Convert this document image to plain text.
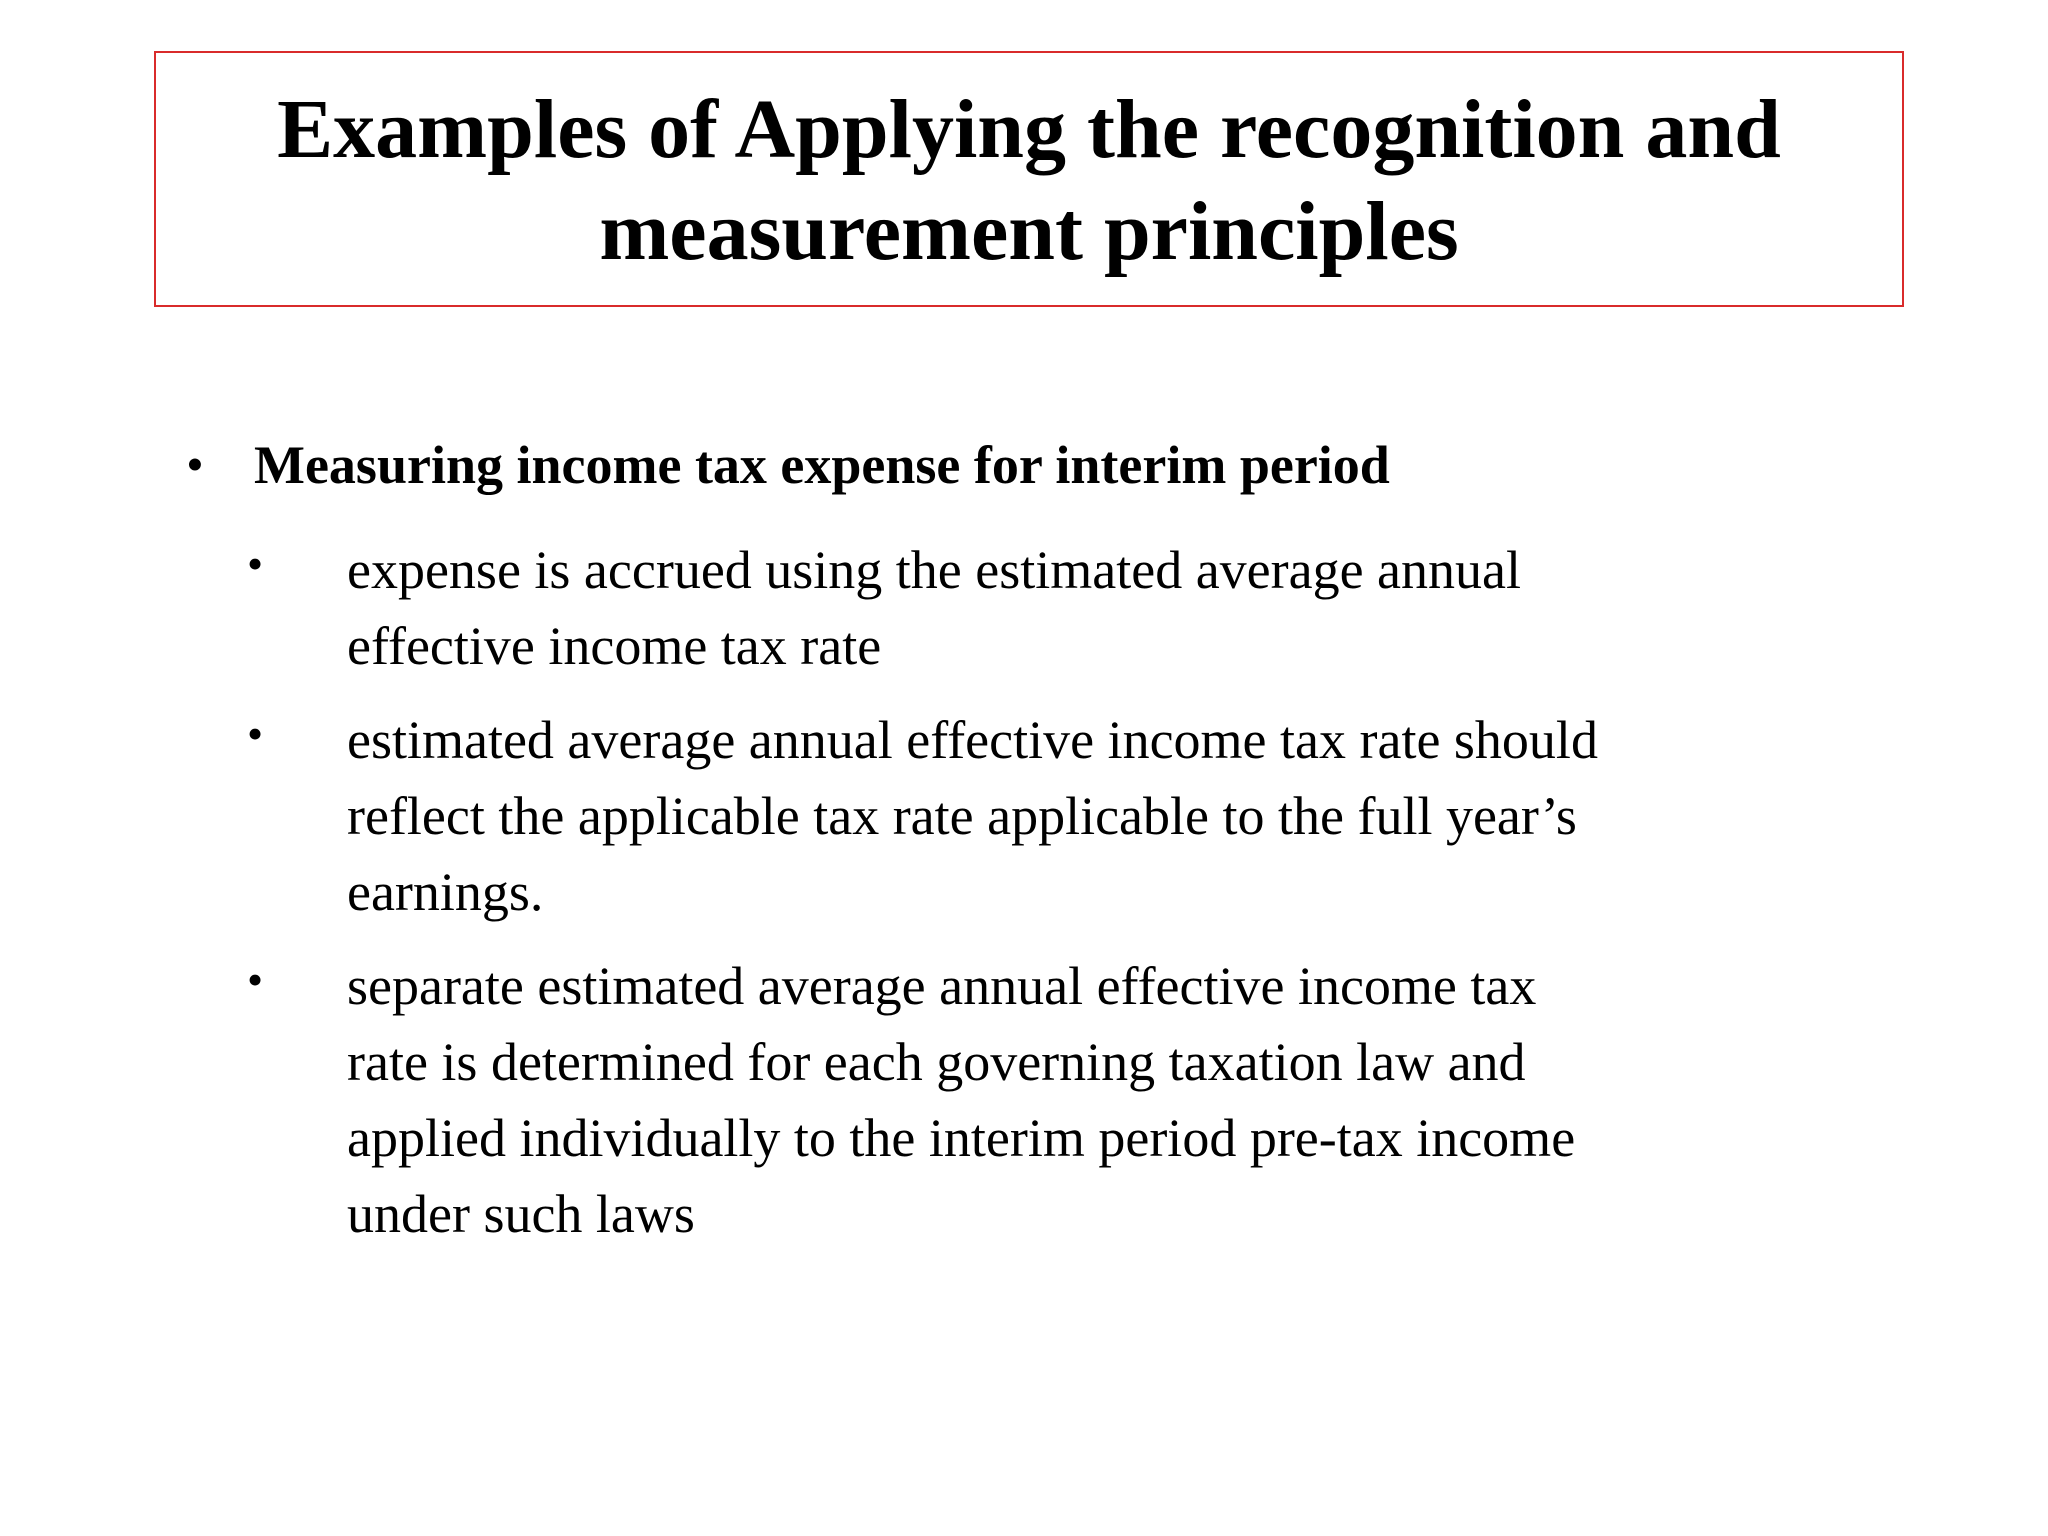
Examples of Applying the recognition and
measurement principles
• Measuring income tax expense for interim period
• expense is accrued using the estimated average annual
effective income tax rate
• estimated average annual effective income tax rate should
reflect the applicable tax rate applicable to the full year’s
earnings.
• separate estimated average annual effective income tax
rate is determined for each governing taxation law and
applied individually to the interim period pre-tax income
under such laws
